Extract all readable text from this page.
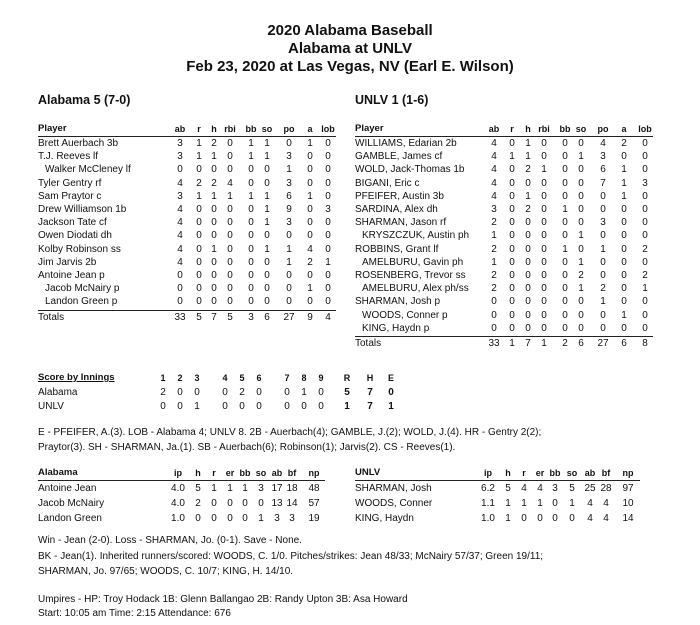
2020 Alabama Baseball
Alabama at UNLV
Feb 23, 2020 at Las Vegas, NV (Earl E. Wilson)
Alabama 5 (7-0)	UNLV 1 (1-6)
Player	ab	r	h rbi bb so	po	a lob
Brett Auerbach 3b	3	1 2	0	1	1	0	1	0
T.J. Reeves lf	3	1 1	0	1	1	3	0	0
Walker McCleney lf	0	0 0	0	0	0	1	0	0
Tyler Gentry rf	4	2 2	4	0	0	3	0	0
Sam Praytor c	3	1 1	1	1	1	6	1	0
Drew Williamson 1b	4	0 0	0	0	1	9	0	3
Jackson Tate cf	4	0 0	0	0	1	3	0	0
Owen Diodati dh	4	0 0	0	0	0	0	0	0
Kolby Robinson ss	4	0 1	0	0	1	1	4	0
Jim Jarvis 2b	4	0 0	0	0	0	1	2	1
Antoine Jean p	0	0 0	0	0	0	0	0	0
Jacob McNairy p	0	0 0	0	0	0	0	1	0
Landon Green p	0	0 0	0	0	0	0	0	0
Totals	33	5 7	5	3	6	27	9	4
Player	ab	r	h rbi bb so	po	a	lob
WILLIAMS, Edarian 2b	4	0	1	0	0	0	4	2	0
GAMBLE, James cf	4	1	1	0	0	1	3	0	0
WOLD, Jack-Thomas 1b	4	0	2	1	0	0	6	1	0
BIGANI, Eric c	4	0	0	0	0	0	7	1	3
PFEIFER, Austin 3b	4	0	1	0	0	0	0	1	0
SARDINA, Alex dh	3	0	2	0	1	0	0	0	0
SHARMAN, Jason rf	2	0	0	0	0	0	3	0	0
KRYSZCZUK, Austin ph	1	0	0	0	0	1	0	0	0
ROBBINS, Grant lf	2	0	0	0	1	0	1	0	2
AMELBURU, Gavin ph	1	0	0	0	0	1	0	0	0
ROSENBERG, Trevor ss	2	0	0	0	0	2	0	0	2
AMELBURU, Alex ph/ss	2	0	0	0	0	1	2	0	1
SHARMAN, Josh p	0	0	0	0	0	0	1	0	0
WOODS, Conner p	0	0	0	0	0	0	0	1	0
KING, Haydn p	0	0	0	0	0	0	0	0	0
Totals	33 1	7	1	2	6	27	6	8
Score by Innings	1	2	3	4	5	6	7	8	9	R	H	E
Alabama	2	0	0	0	2	0	0	1	0	5	7	0
UNLV	0	0	1	0	0	0	0	0	0	1	7	1
E - PFEIFER, A.(3). LOB - Alabama 4; UNLV 8. 2B - Auerbach(4); GAMBLE, J.(2); WOLD, J.(4). HR - Gentry 2(2);
Praytor(3). SH - SHARMAN, Ja.(1). SB - Auerbach(6); Robinson(1); Jarvis(2). CS - Reeves(1).
Alabama	ip	h	r	er bb so ab bf	np
Antoine Jean	4.0	5	1	1 1	3 17 18	48
Jacob McNairy	4.0	2	0	0 0	0 13 14	57
Landon Green	1.0	0	0	0 0	1	3 3	19
UNLV	ip	h	r	er bb so ab bf	np
SHARMAN, Josh	6.2	5	4	4 3	5 25 28	97
WOODS, Conner	1.1	1	1	1 0	1	4	4	10
KING, Haydn	1.0	1	0	0 0	0	4	4	14
Win - Jean (2-0). Loss - SHARMAN, Jo. (0-1). Save - None.
BK - Jean(1). Inherited runners/scored: WOODS, C. 1/0. Pitches/strikes: Jean 48/33; McNairy 57/37; Green 19/11;
SHARMAN, Jo. 97/65; WOODS, C. 10/7; KING, H. 14/10.
Umpires - HP: Troy Hodack 1B: Glenn Ballangao 2B: Randy Upton 3B: Asa Howard
Start: 10:05 am Time: 2:15 Attendance: 676
